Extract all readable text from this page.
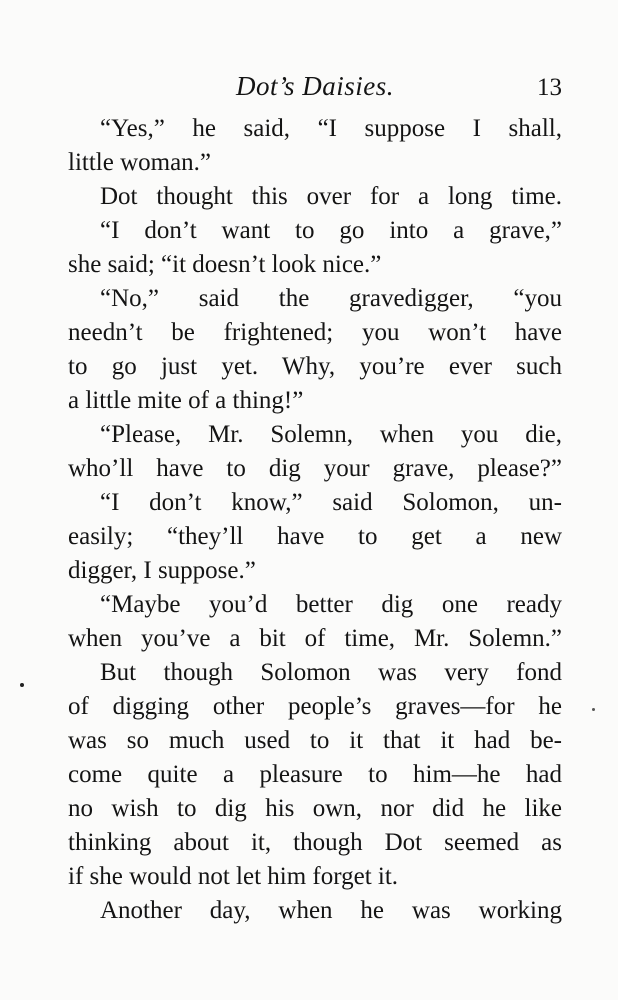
Dot’s Daisies.	13
“Yes,” he said, “I suppose I shall,
little woman.”
Dot thought this over for a long time.
“I don’t want to go into a grave,”
she said; “it doesn’t look nice.”
“No,” said the gravedigger, “you
needn’t be frightened; you won’t have
to go just yet. Why, you’re ever such
a little mite of a thing!”
“Please, Mr. Solemn, when you die,
who’ll have to dig your grave, please?”
“I don’t know,” said Solomon, un-
easily; “they’ll have to get a new
digger, I suppose.”
“Maybe you’d better dig one ready
when you’ve a bit of time, Mr. Solemn.”
But though Solomon was very fond
of digging other people’s graves—for he
was so much used to it that it had be-
come quite a pleasure to him—he had
no wish to dig his own, nor did he like
thinking about it, though Dot seemed as
if she would not let him forget it.
Another day, when he was working
